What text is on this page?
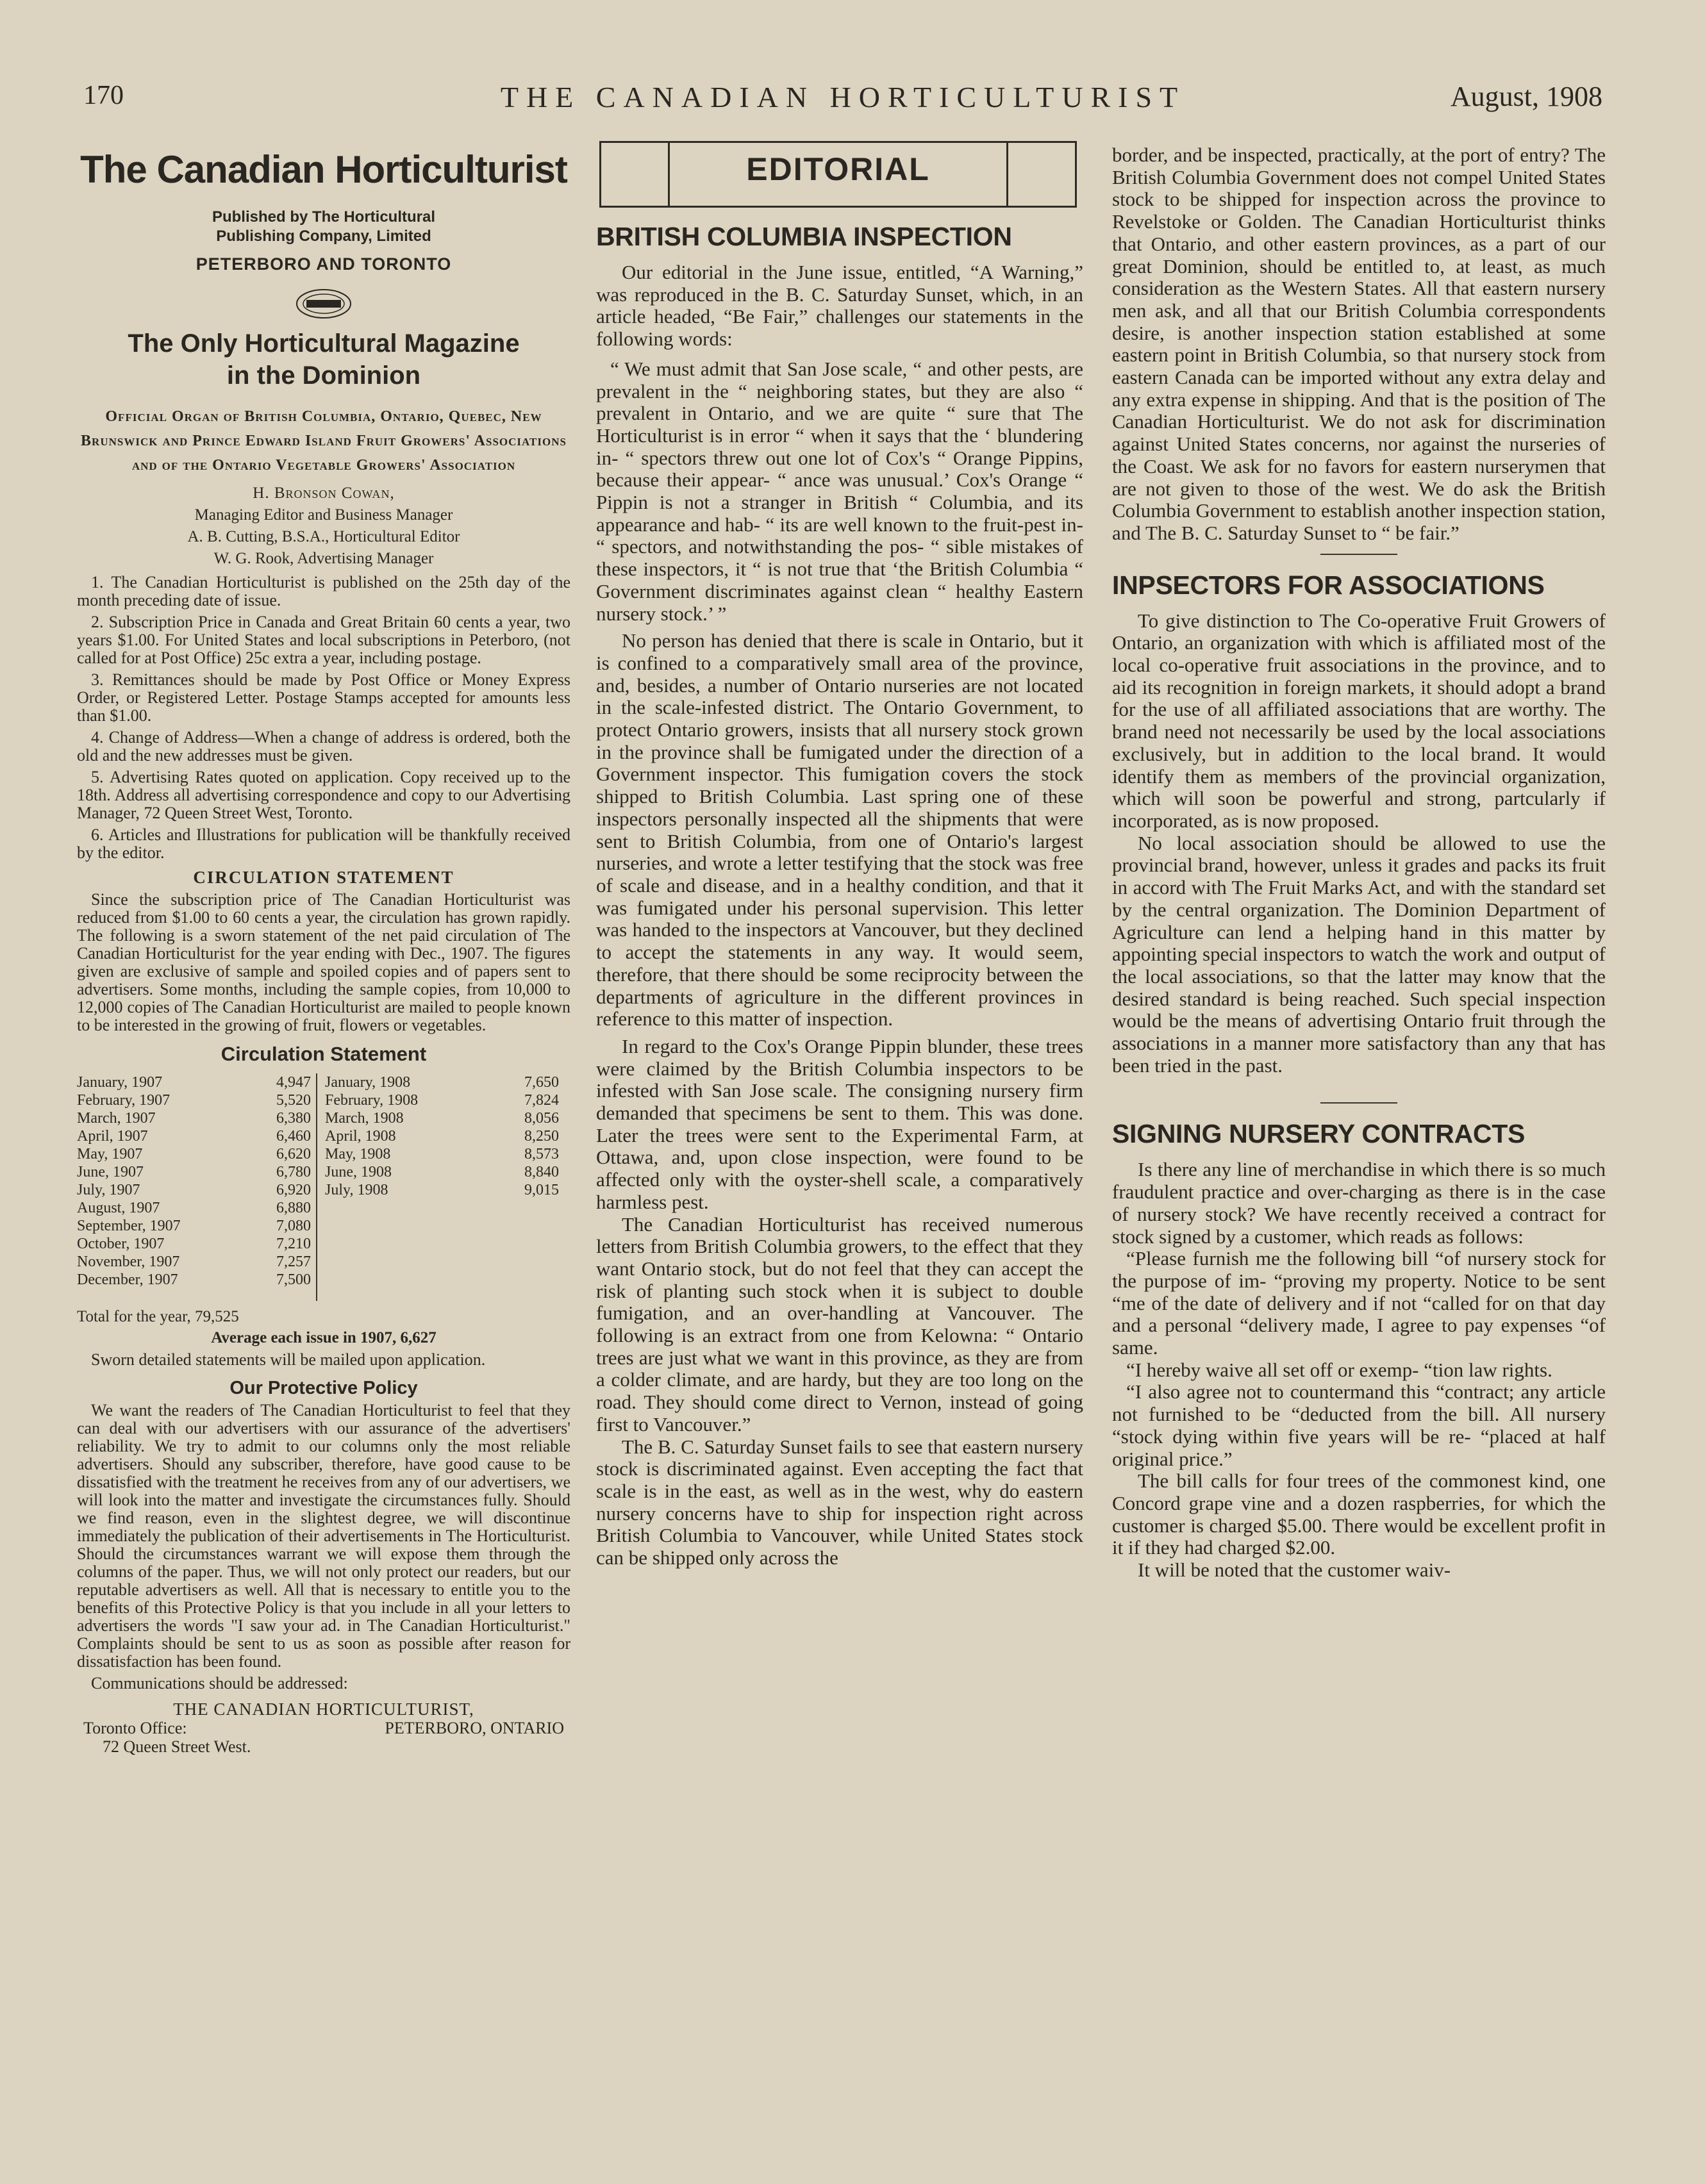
170	THE CANADIAN HORTICULTURIST	August, 1908
The Canadian Horticulturist
Published by The Horticultural Publishing Company, Limited
PETERBORO AND TORONTO
The Only Horticultural Magazine in the Dominion
Official Organ of British Columbia, Ontario, Quebec, New Brunswick and Prince Edward Island Fruit Growers' Associations and of the Ontario Vegetable Growers' Association
H. Bronson Cowan,
Managing Editor and Business Manager
A. B. Cutting, B.S.A., Horticultural Editor
W. G. Rook, Advertising Manager

1. The Canadian Horticulturist is published on the 25th day of the month preceding date of issue.

2. Subscription Price in Canada and Great Britain 60 cents a year, two years $1.00. For United States and local subscriptions in Peterboro, (not called for at Post Office) 25c extra a year, including postage.

3. Remittances should be made by Post Office or Money Express Order, or Registered Letter. Postage Stamps accepted for amounts less than $1.00.

4. Change of Address—When a change of address is ordered, both the old and the new addresses must be given.

5. Advertising Rates quoted on application. Copy received up to the 18th. Address all advertising correspondence and copy to our Advertising Manager, 72 Queen Street West, Toronto.

6. Articles and Illustrations for publication will be thankfully received by the editor.

CIRCULATION STATEMENT

Since the subscription price of The Canadian Horticulturist was reduced from $1.00 to 60 cents a year, the circulation has grown rapidly. The following is a sworn statement of the net paid circulation of The Canadian Horticulturist for the year ending with Dec., 1907. The figures given are exclusive of sample and spoiled copies and of papers sent to advertisers. Some months, including the sample copies, from 10,000 to 12,000 copies of The Canadian Horticulturist are mailed to people known to be interested in the growing of fruit, flowers or vegetables.

Circulation Statement
January, 1907	4,947
February, 1907	5,520
March, 1907	6,380
April, 1907	6,460
May, 1907	6,620
June, 1907	6,780
July, 1907	6,920
August, 1907	6,880
September, 1907	7,080
October, 1907	7,210
November, 1907	7,257
December, 1907	7,500
January, 1908	7,650
February, 1908	7,824
March, 1908	8,056
April, 1908	8,250
May, 1908	8,573
June, 1908	8,840
July, 1908	9,015
Total for the year, 79,525
Average each issue in 1907, 6,627

Sworn detailed statements will be mailed upon application.

Our Protective Policy

We want the readers of The Canadian Horticulturist to feel that they can deal with our advertisers with our assurance of the advertisers' reliability. We try to admit to our columns only the most reliable advertisers. Should any subscriber, therefore, have good cause to be dissatisfied with the treatment he receives from any of our advertisers, we will look into the matter and investigate the circumstances fully. Should we find reason, even in the slightest degree, we will discontinue immediately the publication of their advertisements in The Horticulturist. Should the circumstances warrant we will expose them through the columns of the paper. Thus, we will not only protect our readers, but our reputable advertisers as well. All that is necessary to entitle you to the benefits of this Protective Policy is that you include in all your letters to advertisers the words "I saw your ad. in The Canadian Horticulturist." Complaints should be sent to us as soon as possible after reason for dissatisfaction has been found.

Communications should be addressed:

THE CANADIAN HORTICULTURIST,
Toronto Office:	PETERBORO, ONTARIO
72 Queen Street West.
EDITORIAL
BRITISH COLUMBIA INSPECTION

Our editorial in the June issue, entitled, “A Warning,” was reproduced in the B. C. Saturday Sunset, which, in an article headed, “Be Fair,” challenges our statements in the following words:

“ We must admit that San Jose scale, “ and other pests, are prevalent in the “ neighboring states, but they are also “ prevalent in Ontario, and we are quite “ sure that The Horticulturist is in error “ when it says that the ‘ blundering in- “ spectors threw out one lot of Cox's “ Orange Pippins, because their appear- “ ance was unusual.’ Cox's Orange “ Pippin is not a stranger in British “ Columbia, and its appearance and hab- “ its are well known to the fruit-pest in- “ spectors, and notwithstanding the pos- “ sible mistakes of these inspectors, it “ is not true that ‘the British Columbia “ Government discriminates against clean “ healthy Eastern nursery stock.’ ”

No person has denied that there is scale in Ontario, but it is confined to a comparatively small area of the province, and, besides, a number of Ontario nurseries are not located in the scale-infested district. The Ontario Government, to protect Ontario growers, insists that all nursery stock grown in the province shall be fumigated under the direction of a Government inspector. This fumigation covers the stock shipped to British Columbia. Last spring one of these inspectors personally inspected all the shipments that were sent to British Columbia, from one of Ontario's largest nurseries, and wrote a letter testifying that the stock was free of scale and disease, and in a healthy condition, and that it was fumigated under his personal supervision. This letter was handed to the inspectors at Vancouver, but they declined to accept the statements in any way. It would seem, therefore, that there should be some reciprocity between the departments of agriculture in the different provinces in reference to this matter of inspection.

In regard to the Cox's Orange Pippin blunder, these trees were claimed by the British Columbia inspectors to be infested with San Jose scale. The consigning nursery firm demanded that specimens be sent to them. This was done. Later the trees were sent to the Experimental Farm, at Ottawa, and, upon close inspection, were found to be affected only with the oyster-shell scale, a comparatively harmless pest.

The Canadian Horticulturist has received numerous letters from British Columbia growers, to the effect that they want Ontario stock, but do not feel that they can accept the risk of planting such stock when it is subject to double fumigation, and an over-handling at Vancouver. The following is an extract from one from Kelowna: “ Ontario trees are just what we want in this province, as they are from a colder climate, and are hardy, but they are too long on the road. They should come direct to Vernon, instead of going first to Vancouver.”

The B. C. Saturday Sunset fails to see that eastern nursery stock is discriminated against. Even accepting the fact that scale is in the east, as well as in the west, why do eastern nursery concerns have to ship for inspection right across British Columbia to Vancouver, while United States stock can be shipped only across the

border, and be inspected, practically, at the port of entry? The British Columbia Government does not compel United States stock to be shipped for inspection across the province to Revelstoke or Golden. The Canadian Horticulturist thinks that Ontario, and other eastern provinces, as a part of our great Dominion, should be entitled to, at least, as much consideration as the Western States. All that eastern nursery men ask, and all that our British Columbia correspondents desire, is another inspection station established at some eastern point in British Columbia, so that nursery stock from eastern Canada can be imported without any extra delay and any extra expense in shipping. And that is the position of The Canadian Horticulturist. We do not ask for discrimination against United States concerns, nor against the nurseries of the Coast. We ask for no favors for eastern nurserymen that are not given to those of the west. We do ask the British Columbia Government to establish another inspection station, and The B. C. Saturday Sunset to “ be fair.”

INPSECTORS FOR ASSOCIATIONS

To give distinction to The Co-operative Fruit Growers of Ontario, an organization with which is affiliated most of the local co-operative fruit associations in the province, and to aid its recognition in foreign markets, it should adopt a brand for the use of all affiliated associations that are worthy. The brand need not necessarily be used by the local associations exclusively, but in addition to the local brand. It would identify them as members of the provincial organization, which will soon be powerful and strong, partcularly if incorporated, as is now proposed.

No local association should be allowed to use the provincial brand, however, unless it grades and packs its fruit in accord with The Fruit Marks Act, and with the standard set by the central organization. The Dominion Department of Agriculture can lend a helping hand in this matter by appointing special inspectors to watch the work and output of the local associations, so that the latter may know that the desired standard is being reached. Such special inspection would be the means of advertising Ontario fruit through the associations in a manner more satisfactory than any that has been tried in the past.

SIGNING NURSERY CONTRACTS

Is there any line of merchandise in which there is so much fraudulent practice and over-charging as there is in the case of nursery stock? We have recently received a contract for stock signed by a customer, which reads as follows:

“Please furnish me the following bill “of nursery stock for the purpose of im- “proving my property. Notice to be sent “me of the date of delivery and if not “called for on that day and a personal “delivery made, I agree to pay expenses “of same.

“I hereby waive all set off or exemp- “tion law rights.

“I also agree not to countermand this “contract; any article not furnished to be “deducted from the bill. All nursery “stock dying within five years will be re- “placed at half original price.”

The bill calls for four trees of the commonest kind, one Concord grape vine and a dozen raspberries, for which the customer is charged $5.00. There would be excellent profit in it if they had charged $2.00.

It will be noted that the customer waiv-
